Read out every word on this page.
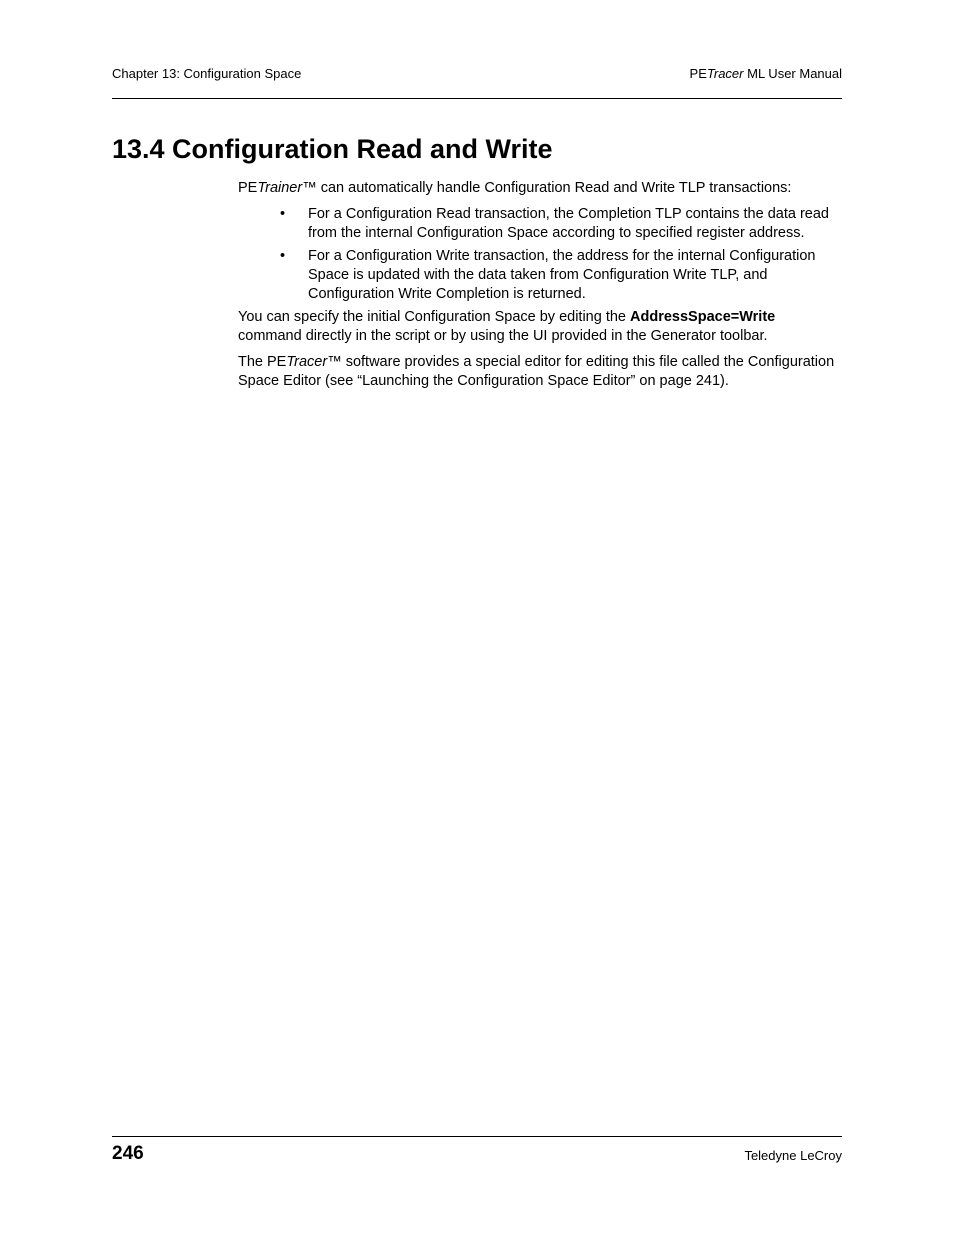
Chapter 13: Configuration Space	PETracer ML User Manual
13.4 Configuration Read and Write

PETrainer™ can automatically handle Configuration Read and Write TLP transactions:

• For a Configuration Read transaction, the Completion TLP contains the data read from the internal Configuration Space according to specified register address.
• For a Configuration Write transaction, the address for the internal Configuration Space is updated with the data taken from Configuration Write TLP, and Configuration Write Completion is returned.

You can specify the initial Configuration Space by editing the AddressSpace=Write command directly in the script or by using the UI provided in the Generator toolbar.

The PETracer™ software provides a special editor for editing this file called the Configuration Space Editor (see “Launching the Configuration Space Editor” on page 241).

246	Teledyne LeCroy
